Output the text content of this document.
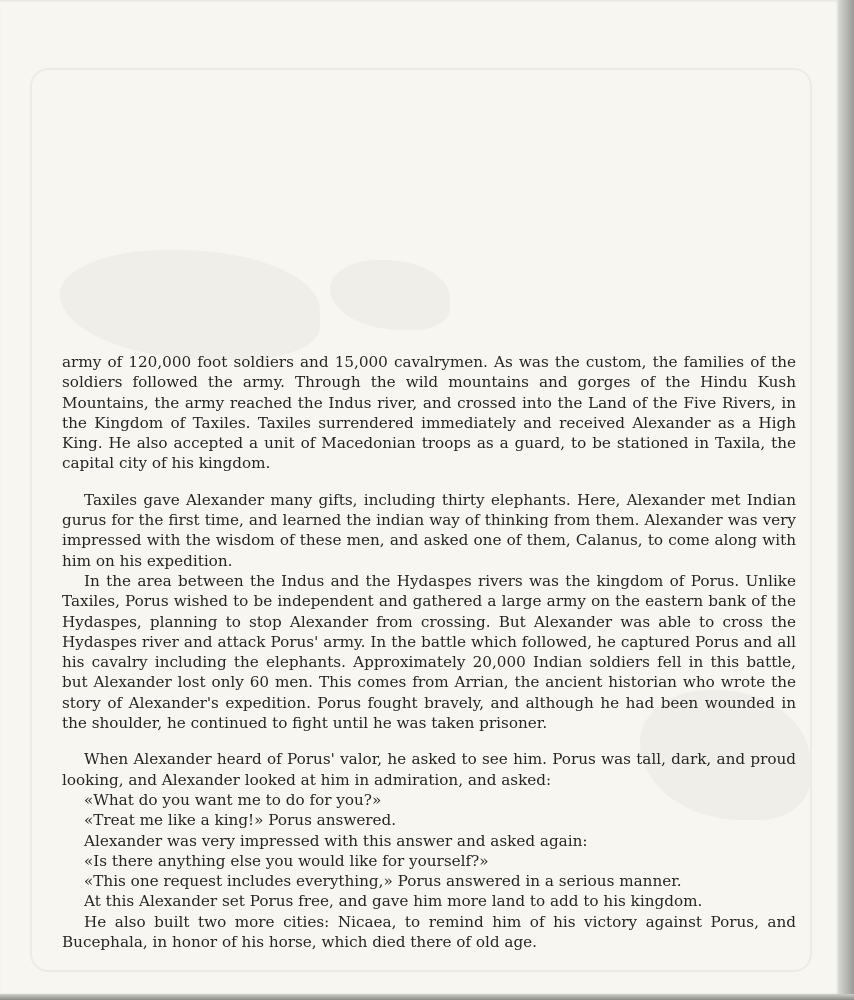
army of 120,000 foot soldiers and 15,000 cavalrymen. As was the custom, the families of the soldiers followed the army. Through the wild mountains and gorges of the Hindu Kush Mountains, the army reached the Indus river, and crossed into the Land of the Five Rivers, in the Kingdom of Taxiles. Taxiles surrendered immediately and received Alexander as a High King. He also accepted a unit of Macedonian troops as a guard, to be stationed in Taxila, the capital city of his kingdom.

Taxiles gave Alexander many gifts, including thirty elephants. Here, Alexander met Indian gurus for the first time, and learned the indian way of thinking from them. Alexander was very impressed with the wisdom of these men, and asked one of them, Calanus, to come along with him on his expedition.

In the area between the Indus and the Hydaspes rivers was the kingdom of Porus. Unlike Taxiles, Porus wished to be independent and gathered a large army on the eastern bank of the Hydaspes, planning to stop Alexander from crossing. But Alexander was able to cross the Hydaspes river and attack Porus' army. In the battle which followed, he captured Porus and all his cavalry including the elephants. Approximately 20,000 Indian soldiers fell in this battle, but Alexander lost only 60 men. This comes from Arrian, the ancient historian who wrote the story of Alexander's expedition. Porus fought bravely, and although he had been wounded in the shoulder, he continued to fight until he was taken prisoner.

When Alexander heard of Porus' valor, he asked to see him. Porus was tall, dark, and proud looking, and Alexander looked at him in admiration, and asked:

«What do you want me to do for you?»

«Treat me like a king!» Porus answered.

Alexander was very impressed with this answer and asked again:

«Is there anything else you would like for yourself?»

«This one request includes everything,» Porus answered in a serious manner.

At this Alexander set Porus free, and gave him more land to add to his kingdom.

He also built two more cities: Nicaea, to remind him of his victory against Porus, and Bucephala, in honor of his horse, which died there of old age.
